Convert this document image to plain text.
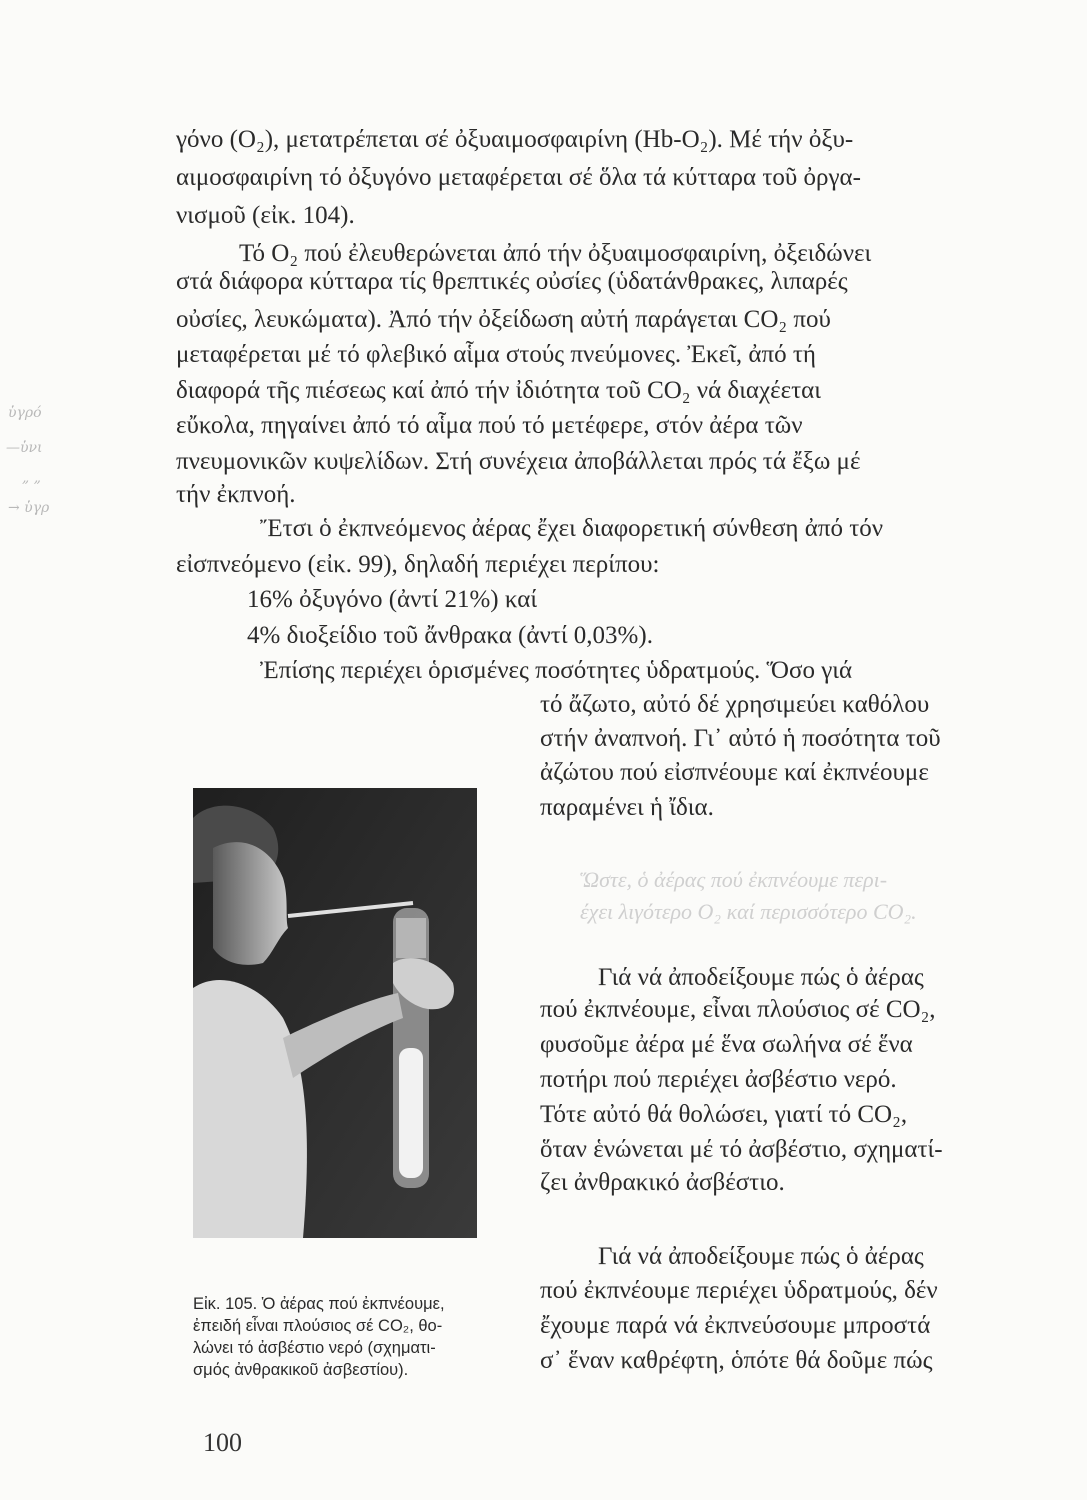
γόνο (O₂), μετατρέπεται σέ ὀξυαιμοσφαιρίνη (Hb-O₂). Μέ τήν ὀξυ-
αιμοσφαιρίνη τό ὀξυγόνο μεταφέρεται σέ ὅλα τά κύτταρα τοῦ ὀργα-
νισμοῦ (εἰκ. 104).
Τό O₂ πού ἐλευθερώνεται ἀπό τήν ὀξυαιμοσφαιρίνη, ὀξειδώνει
στά διάφορα κύτταρα τίς θρεπτικές οὐσίες (ὑδατάνθρακες, λιπαρές
οὐσίες, λευκώματα). Ἀπό τήν ὀξείδωση αὐτή παράγεται CO₂ πού
μεταφέρεται μέ τό φλεβικό αἷμα στούς πνεύμονες. Ἐκεῖ, ἀπό τή
διαφορά τῆς πιέσεως καί ἀπό τήν ἰδιότητα τοῦ CO₂ νά διαχέεται
εὔκολα, πηγαίνει ἀπό τό αἷμα πού τό μετέφερε, στόν ἀέρα τῶν
πνευμονικῶν κυψελίδων. Στή συνέχεια ἀποβάλλεται πρός τά ἔξω μέ
τήν ἐκπνοή.
Ἔτσι ὁ ἐκπνεόμενος ἀέρας ἔχει διαφορετική σύνθεση ἀπό τόν
εἰσπνεόμενο (εἰκ. 99), δηλαδή περιέχει περίπου:
16% ὀξυγόνο (ἀντί 21%) καί
4% διοξείδιο τοῦ ἄνθρακα (ἀντί 0,03%).
Ἐπίσης περιέχει ὁρισμένες ποσότητες ὑδρατμούς. Ὅσο γιά
τό ἄζωτο, αὐτό δέ χρησιμεύει καθόλου
στήν ἀναπνοή. Γι᾽ αὐτό ἡ ποσότητα τοῦ
ἀζώτου πού εἰσπνέουμε καί ἐκπνέουμε
παραμένει ἡ ἴδια.
Ὥστε, ὁ ἀέρας πού ἐκπνέουμε περι-
έχει λιγότερο O₂ καί περισσότερο CO₂.
Γιά νά ἀποδείξουμε πώς ὁ ἀέρας
πού ἐκπνέουμε, εἶναι πλούσιος σέ CO₂,
φυσοῦμε ἀέρα μέ ἕνα σωλήνα σέ ἕνα
ποτήρι πού περιέχει ἀσβέστιο νερό.
Τότε αὐτό θά θολώσει, γιατί τό CO₂,
ὅταν ἑνώνεται μέ τό ἀσβέστιο, σχηματί-
ζει ἀνθρακικό ἀσβέστιο.
Γιά νά ἀποδείξουμε πώς ὁ ἀέρας
πού ἐκπνέουμε περιέχει ὑδρατμούς, δέν
ἔχουμε παρά νά ἐκπνεύσουμε μπροστά
σ᾽ ἕναν καθρέφτη, ὁπότε θά δοῦμε πώς
ὑγρό
—ὑνι
„ „
→ ὑγρ
Εἰκ. 105. Ὁ ἀέρας πού ἐκπνέουμε,
ἐπειδή εἶναι πλούσιος σέ CO₂, θο-
λώνει τό ἀσβέστιο νερό (σχηματι-
σμός ἀνθρακικοῦ ἀσβεστίου).
100
